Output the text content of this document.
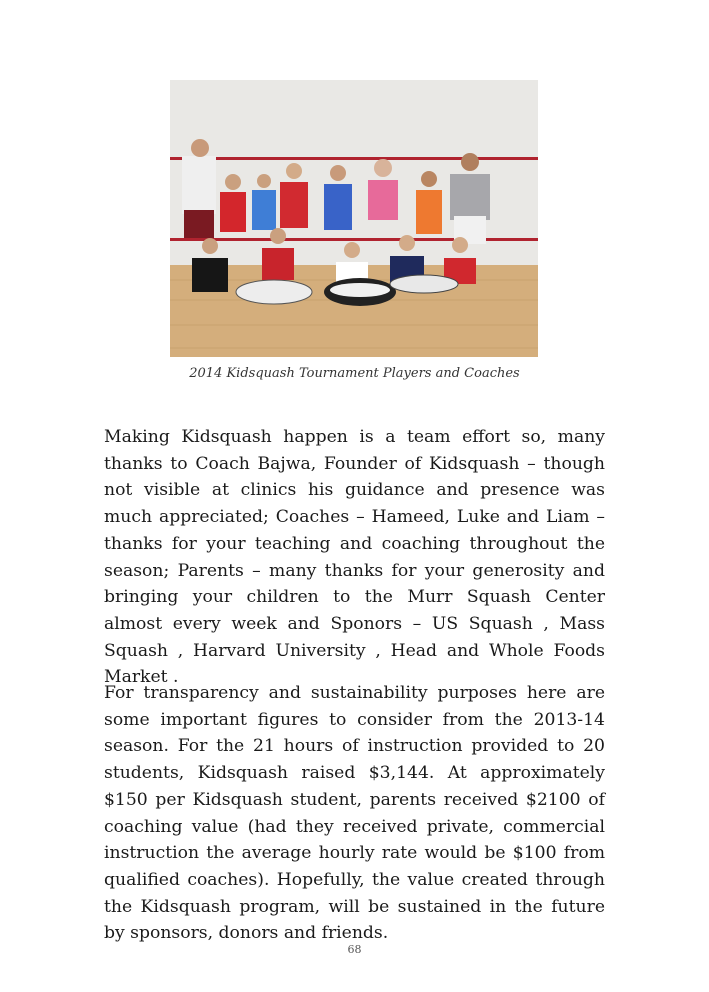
2014 Kidsquash Tournament Players and Coaches

Making Kidsquash happen is a team effort so, many thanks to Coach Bajwa, Founder of Kidsquash – though not visible at clinics his guidance and presence was much appreciated; Coaches – Hameed, Luke and Liam – thanks for your teaching and coaching throughout the season; Parents – many thanks for your generosity and bringing your children to the Murr Squash Center almost every week and Sponors – US Squash , Mass Squash , Harvard University , Head and Whole Foods Market .

For transparency and sustainability purposes here are some important figures to consider from the 2013-14 season. For the 21 hours of instruction provided to 20 students, Kidsquash raised $3,144. At approximately $150 per Kidsquash student, parents received $2100 of coaching value (had they received private, commercial instruction the average hourly rate would be $100 from qualified coaches). Hopefully, the value created through the Kidsquash program, will be sustained in the future by sponsors, donors and friends.

68
